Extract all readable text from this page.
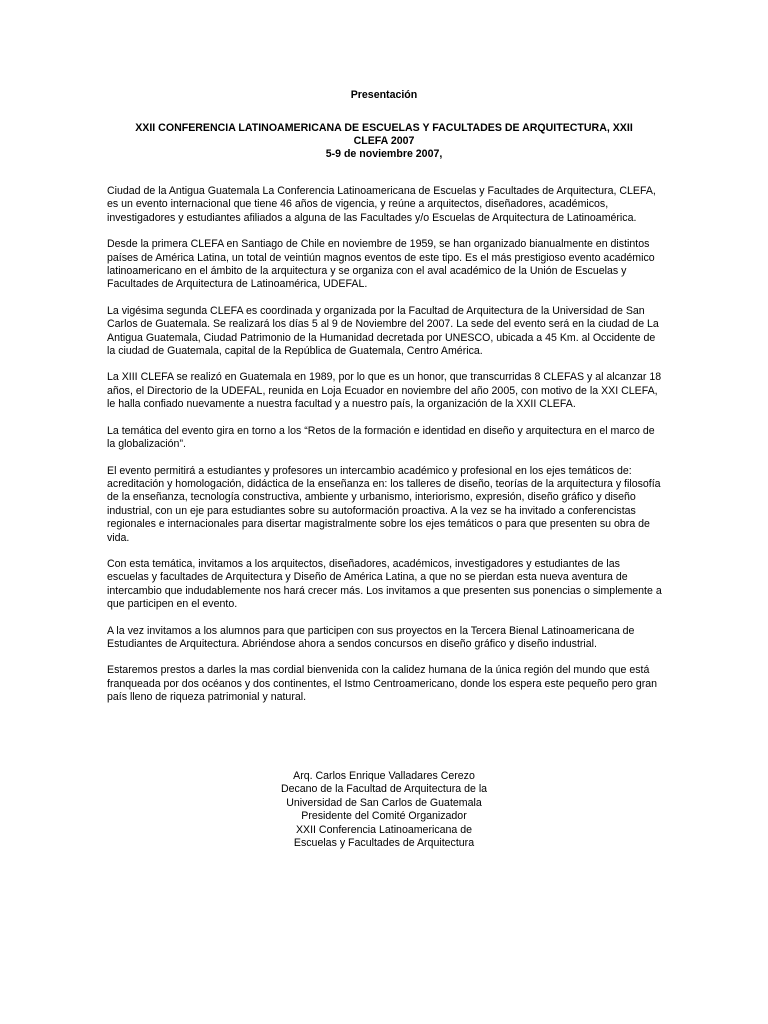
Presentación
XXII CONFERENCIA LATINOAMERICANA DE ESCUELAS Y FACULTADES DE ARQUITECTURA, XXII
CLEFA 2007
5-9 de noviembre 2007,

Ciudad de la Antigua Guatemala La Conferencia Latinoamericana de Escuelas y Facultades de Arquitectura, CLEFA, es un evento internacional que tiene 46 años de vigencia, y reúne a arquitectos, diseñadores, académicos, investigadores y estudiantes afiliados a alguna de las Facultades y/o Escuelas de Arquitectura de Latinoamérica.

Desde la primera CLEFA en Santiago de Chile en noviembre de 1959, se han organizado bianualmente en distintos países de América Latina, un total de veintiún magnos eventos de este tipo. Es el más prestigioso evento académico latinoamericano en el ámbito de la arquitectura y se organiza con el aval académico de la Unión de Escuelas y Facultades de Arquitectura de Latinoamérica, UDEFAL.

La vigésima segunda CLEFA es coordinada y organizada por la Facultad de Arquitectura de la Universidad de San Carlos de Guatemala. Se realizará los días 5 al 9 de Noviembre del 2007. La sede del evento será en la ciudad de La Antigua Guatemala, Ciudad Patrimonio de la Humanidad decretada por UNESCO, ubicada a 45 Km. al Occidente de la ciudad de Guatemala, capital de la República de Guatemala, Centro América.

La XIII CLEFA se realizó en Guatemala en 1989, por lo que es un honor, que transcurridas 8 CLEFAS y al alcanzar 18 años, el Directorio de la UDEFAL, reunida en Loja Ecuador en noviembre del año 2005, con motivo de la XXI CLEFA, le halla confiado nuevamente a nuestra facultad y a nuestro país, la organización de la XXII CLEFA.

La temática del evento gira en torno a los “Retos de la formación e identidad en diseño y arquitectura en el marco de la globalización”.

El evento permitirá a estudiantes y profesores un intercambio académico y profesional en los ejes temáticos de: acreditación y homologación, didáctica de la enseñanza en: los talleres de diseño, teorías de la arquitectura y filosofía de la enseñanza, tecnología constructiva, ambiente y urbanismo, interiorismo, expresión, diseño gráfico y diseño industrial, con un eje para estudiantes sobre su autoformación proactiva. A la vez se ha invitado a conferencistas regionales e internacionales para disertar magistralmente sobre los ejes temáticos o para que presenten su obra de vida.

Con esta temática, invitamos a los arquitectos, diseñadores, académicos, investigadores y estudiantes de las escuelas y facultades de Arquitectura y Diseño de América Latina, a que no se pierdan esta nueva aventura de intercambio que indudablemente nos hará crecer más. Los invitamos a que presenten sus ponencias o simplemente a que participen en el evento.

A la vez invitamos a los alumnos para que participen con sus proyectos en la Tercera Bienal Latinoamericana de Estudiantes de Arquitectura. Abriéndose ahora a sendos concursos en diseño gráfico y diseño industrial.

Estaremos prestos a darles la mas cordial bienvenida con la calidez humana de la única región del mundo que está franqueada por dos océanos y dos continentes, el Istmo Centroamericano, donde los espera este pequeño pero gran país lleno de riqueza patrimonial y natural.

Arq. Carlos Enrique Valladares Cerezo
Decano de la Facultad de Arquitectura de la
Universidad de San Carlos de Guatemala
Presidente del Comité Organizador
XXII Conferencia Latinoamericana de
Escuelas y Facultades de Arquitectura
